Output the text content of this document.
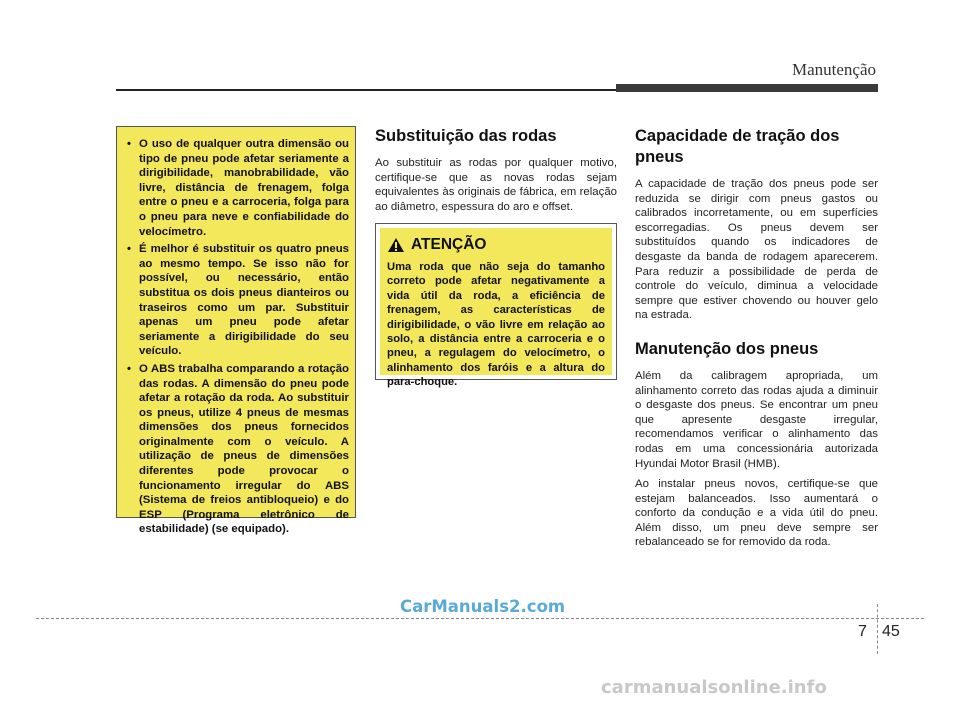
Manutenção
• O uso de qualquer outra dimensão ou tipo de pneu pode afetar seriamente a dirigibilidade, manobrabilidade, vão livre, distância de frenagem, folga entre o pneu e a carroceria, folga para o pneu para neve e confiabilidade do velocímetro.
• É melhor é substituir os quatro pneus ao mesmo tempo. Se isso não for possível, ou necessário, então substitua os dois pneus dianteiros ou traseiros como um par. Substituir apenas um pneu pode afetar seriamente a dirigibilidade do seu veículo.
• O ABS trabalha comparando a rotação das rodas. A dimensão do pneu pode afetar a rotação da roda. Ao substituir os pneus, utilize 4 pneus de mesmas dimensões dos pneus fornecidos originalmente com o veículo. A utilização de pneus de dimensões diferentes pode provocar o funcionamento irregular do ABS (Sistema de freios antibloqueio) e do ESP (Programa eletrônico de estabilidade) (se equipado).
Substituição das rodas

Ao substituir as rodas por qualquer motivo, certifique-se que as novas rodas sejam equivalentes às originais de fábrica, em relação ao diâmetro, espessura do aro e offset.

ATENÇÃO

Uma roda que não seja do tamanho correto pode afetar negativamente a vida útil da roda, a eficiência de frenagem, as características de dirigibilidade, o vão livre em relação ao solo, a distância entre a carroceria e o pneu, a regulagem do velocímetro, o alinhamento dos faróis e a altura do para-choque.

Capacidade de tração dos pneus

A capacidade de tração dos pneus pode ser reduzida se dirigir com pneus gastos ou calibrados incorretamente, ou em superfícies escorregadias. Os pneus devem ser substituídos quando os indicadores de desgaste da banda de rodagem aparecerem. Para reduzir a possibilidade de perda de controle do veículo, diminua a velocidade sempre que estiver chovendo ou houver gelo na estrada.

Manutenção dos pneus

Além da calibragem apropriada, um alinhamento correto das rodas ajuda a diminuir o desgaste dos pneus. Se encontrar um pneu que apresente desgaste irregular, recomendamos verificar o alinhamento das rodas em uma concessionária autorizada Hyundai Motor Brasil (HMB).

Ao instalar pneus novos, certifique-se que estejam balanceados. Isso aumentará o conforto da condução e a vida útil do pneu. Além disso, um pneu deve sempre ser rebalanceado se for removido da roda.

7 45
CarManuals2.com
carmanualsonline.info
